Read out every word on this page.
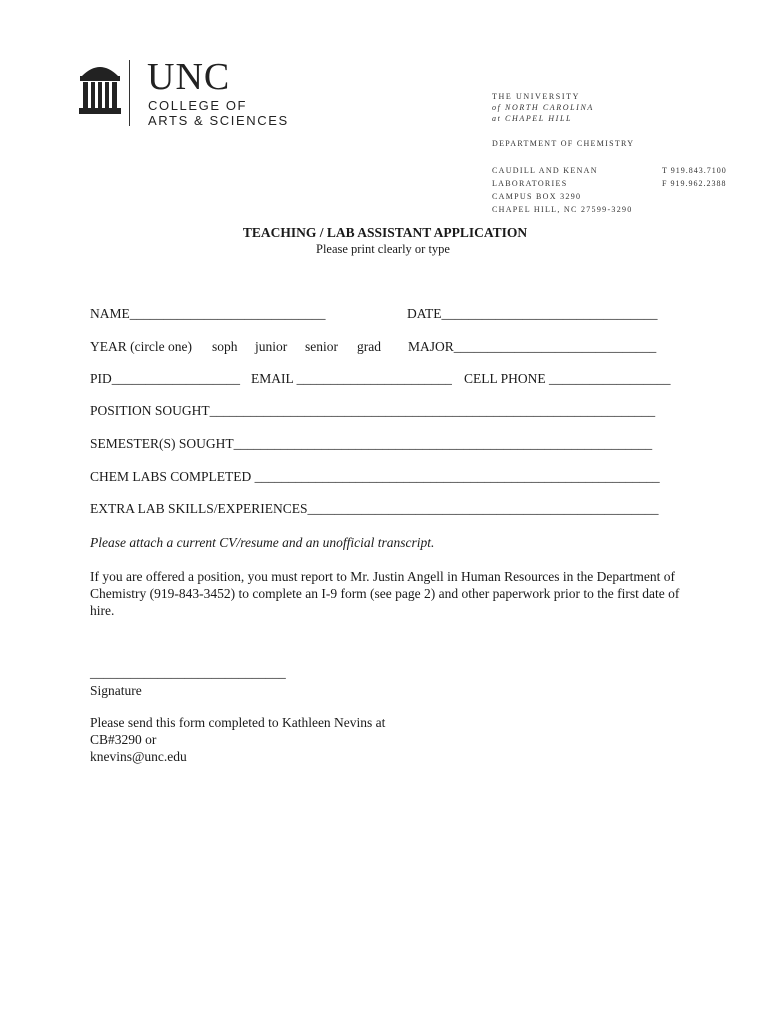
UNC
COLLEGE OF
ARTS & SCIENCES
THE UNIVERSITY
of NORTH CAROLINA
at CHAPEL HILL
DEPARTMENT OF CHEMISTRY
CAUDILL AND KENAN
LABORATORIES
CAMPUS BOX 3290
CHAPEL HILL, NC 27599-3290
T 919.843.7100
F 919.962.2388
TEACHING / LAB ASSISTANT APPLICATION
Please print clearly or type
NAME_____________________________	DATE________________________________
YEAR (circle one) soph junior senior grad MAJOR______________________________
PID___________________ EMAIL _______________________ CELL PHONE __________________
POSITION SOUGHT__________________________________________________________________
SEMESTER(S) SOUGHT______________________________________________________________
CHEM LABS COMPLETED ____________________________________________________________
EXTRA LAB SKILLS/EXPERIENCES____________________________________________________
Please attach a current CV/resume and an unofficial transcript.
If you are offered a position, you must report to Mr. Justin Angell in Human Resources in the Department of Chemistry (919-843-3452) to complete an I-9 form (see page 2) and other paperwork prior to the first date of hire.
_____________________________
Signature
Please send this form completed to Kathleen Nevins at
CB#3290 or
knevins@unc.edu
